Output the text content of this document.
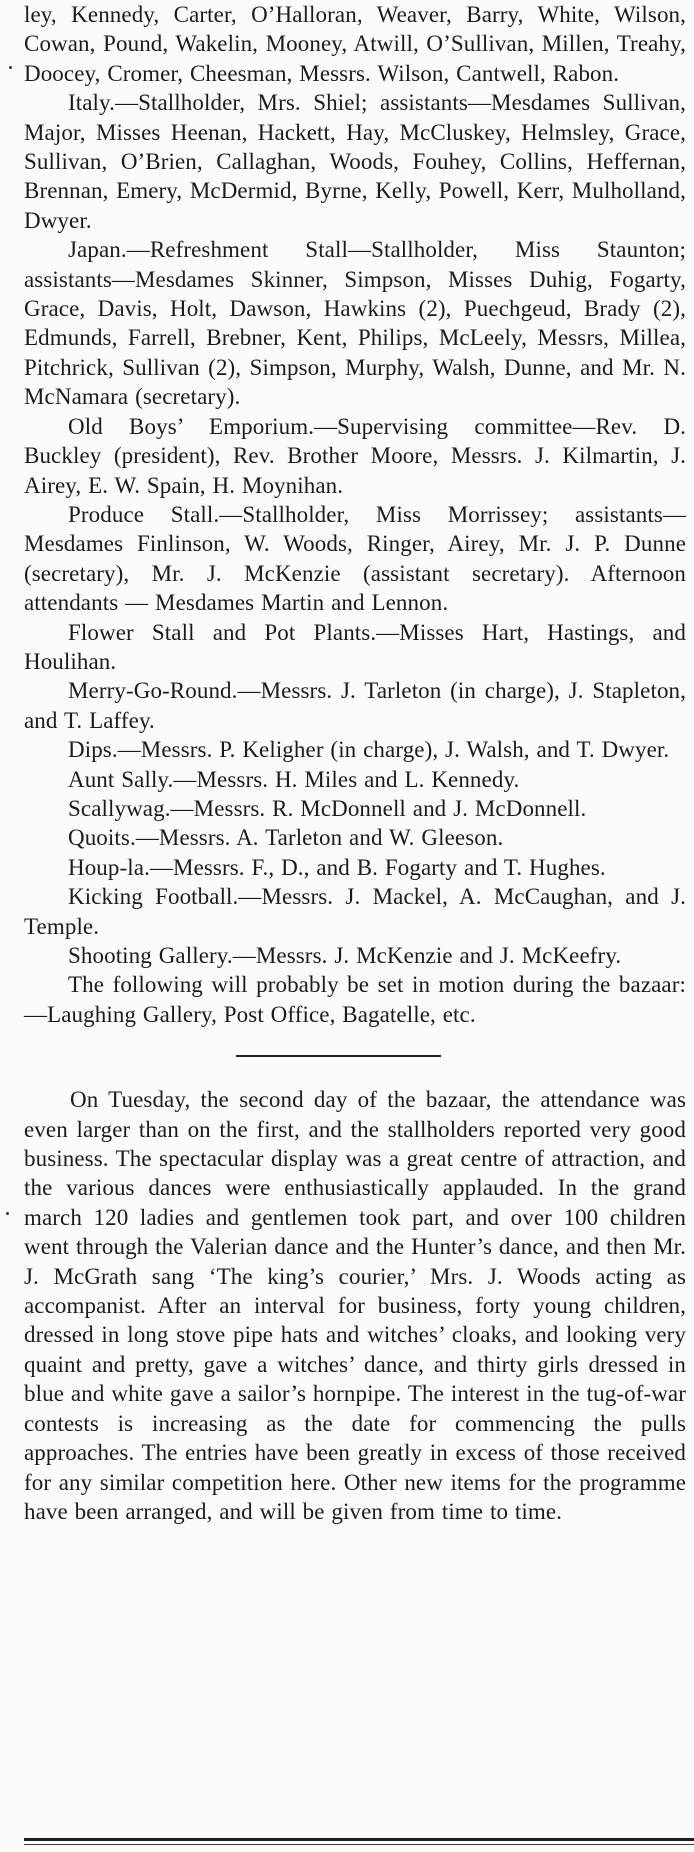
ley, Kennedy, Carter, O’Halloran, Weaver, Barry, White, Wilson, Cowan, Pound, Wakelin, Mooney, Atwill, O’Sullivan, Millen, Treahy, Doocey, Cromer, Cheesman, Messrs. Wilson, Cantwell, Rabon.

Italy.—Stallholder, Mrs. Shiel; assistants—Mesdames Sullivan, Major, Misses Heenan, Hackett, Hay, McCluskey, Helmsley, Grace, Sullivan, O’Brien, Callaghan, Woods, Fouhey, Collins, Heffernan, Brennan, Emery, McDermid, Byrne, Kelly, Powell, Kerr, Mulholland, Dwyer.

Japan.—Refreshment Stall—Stallholder, Miss Staunton; assistants—Mesdames Skinner, Simpson, Misses Duhig, Fogarty, Grace, Davis, Holt, Dawson, Hawkins (2), Puechgeud, Brady (2), Edmunds, Farrell, Brebner, Kent, Philips, McLeely, Messrs, Millea, Pitchrick, Sullivan (2), Simpson, Murphy, Walsh, Dunne, and Mr. N. McNamara (secretary).

Old Boys’ Emporium.—Supervising committee—Rev. D. Buckley (president), Rev. Brother Moore, Messrs. J. Kilmartin, J. Airey, E. W. Spain, H. Moynihan.

Produce Stall.—Stallholder, Miss Morrissey; assistants—Mesdames Finlinson, W. Woods, Ringer, Airey, Mr. J. P. Dunne (secretary), Mr. J. McKenzie (assistant secretary). Afternoon attendants — Mesdames Martin and Lennon.

Flower Stall and Pot Plants.—Misses Hart, Hastings, and Houlihan.

Merry-Go-Round.—Messrs. J. Tarleton (in charge), J. Stapleton, and T. Laffey.

Dips.—Messrs. P. Keligher (in charge), J. Walsh, and T. Dwyer.

Aunt Sally.—Messrs. H. Miles and L. Kennedy.

Scallywag.—Messrs. R. McDonnell and J. McDonnell.

Quoits.—Messrs. A. Tarleton and W. Gleeson.

Houp-la.—Messrs. F., D., and B. Fogarty and T. Hughes.

Kicking Football.—Messrs. J. Mackel, A. McCaughan, and J. Temple.

Shooting Gallery.—Messrs. J. McKenzie and J. McKeefry.

The following will probably be set in motion during the bazaar:—Laughing Gallery, Post Office, Bagatelle, etc.

On Tuesday, the second day of the bazaar, the attendance was even larger than on the first, and the stallholders reported very good business. The spectacular display was a great centre of attraction, and the various dances were enthusiastically applauded. In the grand march 120 ladies and gentlemen took part, and over 100 children went through the Valerian dance and the Hunter’s dance, and then Mr. J. McGrath sang ‘The king’s courier,’ Mrs. J. Woods acting as accompanist. After an interval for business, forty young children, dressed in long stove pipe hats and witches’ cloaks, and looking very quaint and pretty, gave a witches’ dance, and thirty girls dressed in blue and white gave a sailor’s hornpipe. The interest in the tug-of-war contests is increasing as the date for commencing the pulls approaches. The entries have been greatly in excess of those received for any similar competition here. Other new items for the programme have been arranged, and will be given from time to time.
